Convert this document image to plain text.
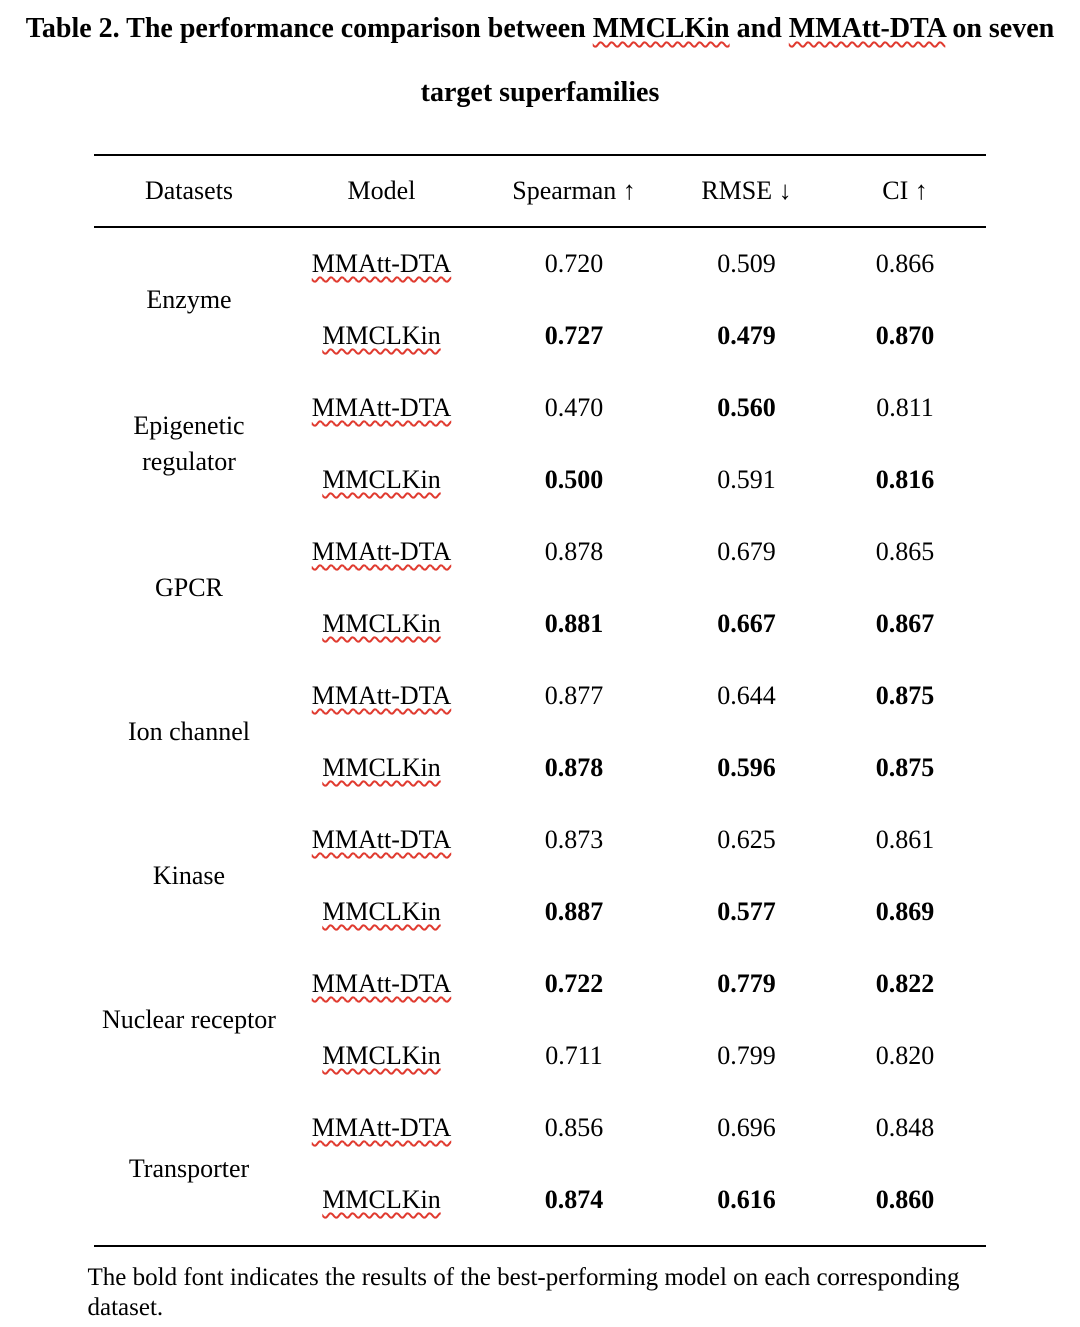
Table 2. The performance comparison between MMCLKin and MMAtt-DTA on seven
target superfamilies
Datasets	Model	Spearman ↑	RMSE ↓	CI ↑
Enzyme	MMAtt-DTA	0.720	0.509	0.866
	MMCLKin	0.727	0.479	0.870
Epigenetic regulator	MMAtt-DTA	0.470	0.560	0.811
	MMCLKin	0.500	0.591	0.816
GPCR	MMAtt-DTA	0.878	0.679	0.865
	MMCLKin	0.881	0.667	0.867
Ion channel	MMAtt-DTA	0.877	0.644	0.875
	MMCLKin	0.878	0.596	0.875
Kinase	MMAtt-DTA	0.873	0.625	0.861
	MMCLKin	0.887	0.577	0.869
Nuclear receptor	MMAtt-DTA	0.722	0.779	0.822
	MMCLKin	0.711	0.799	0.820
Transporter	MMAtt-DTA	0.856	0.696	0.848
	MMCLKin	0.874	0.616	0.860
The bold font indicates the results of the best-performing model on each corresponding dataset.
